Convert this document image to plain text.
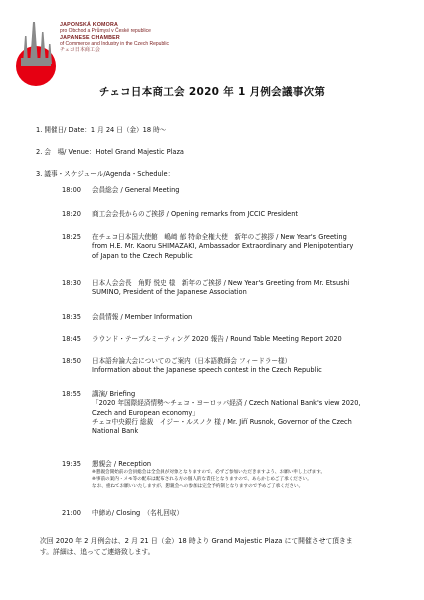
JAPONSKÁ KOMORA
pro Obchod a Průmysl v České republice
JAPANESE CHAMBER
of Commerce and Industry in the Czech Republic
チェコ日本商工会
チェコ日本商工会 2020 年 1 月例会議事次第
1. 開催日/ Date：1 月 24 日（金）18 時～
2. 会　場/ Venue：Hotel Grand Majestic Plaza
3. 議事・スケジュール/Agenda・Schedule：
18:00 会員総会 / General Meeting
18:20 商工会会長からのご挨拶 / Opening remarks from JCCIC President
18:25 在チェコ日本国大使館　嶋﨑 郁 特命全権大使　新年のご挨拶 / New Year's Greeting
from H.E. Mr. Kaoru SHIMAZAKI, Ambassador Extraordinary and Plenipotentiary
of Japan to the Czech Republic
18:30 日本人会会長　角野 悦史 様　新年のご挨拶 / New Year's Greeting from Mr. Etsushi
SUMINO, President of the Japanese Association
18:35 会員情報 / Member Information
18:45 ラウンド・テーブルミーティング 2020 報告 / Round Table Meeting Report 2020
18:50 日本語弁論大会についてのご案内（日本語教師会 フィードラー様）
Information about the Japanese speech contest in the Czech Republic
18:55 講演/ Briefing
「2020 年国際経済情勢～チェコ・ヨーロッパ経済 / Czech National Bank's view 2020,
Czech and European economy」
チェコ中央銀行 総裁　イジー・ルスノク 様 / Mr. Jiří Rusnok, Governor of the Czech
National Bank
19:35 懇親会 / Reception
※懇親会開始前の会員総会は全会員が対象となりますので、必ずご参加いただきますよう、お願い申し上げます。
※事前の案内・メモ等の配布は配布される方の個人的な責任となりますので、あらかじめご了承ください。
なお、重ねてお願いいたしますが、懇親会への参加は完全予約制となりますので予めご了承ください。
21:00 中締め/ Closing　（名札回収）
次回 2020 年 2 月例会は、2 月 21 日（金）18 時より Grand Majestic Plaza にて開催させて頂きま
す。詳細は、追ってご連絡致します。
